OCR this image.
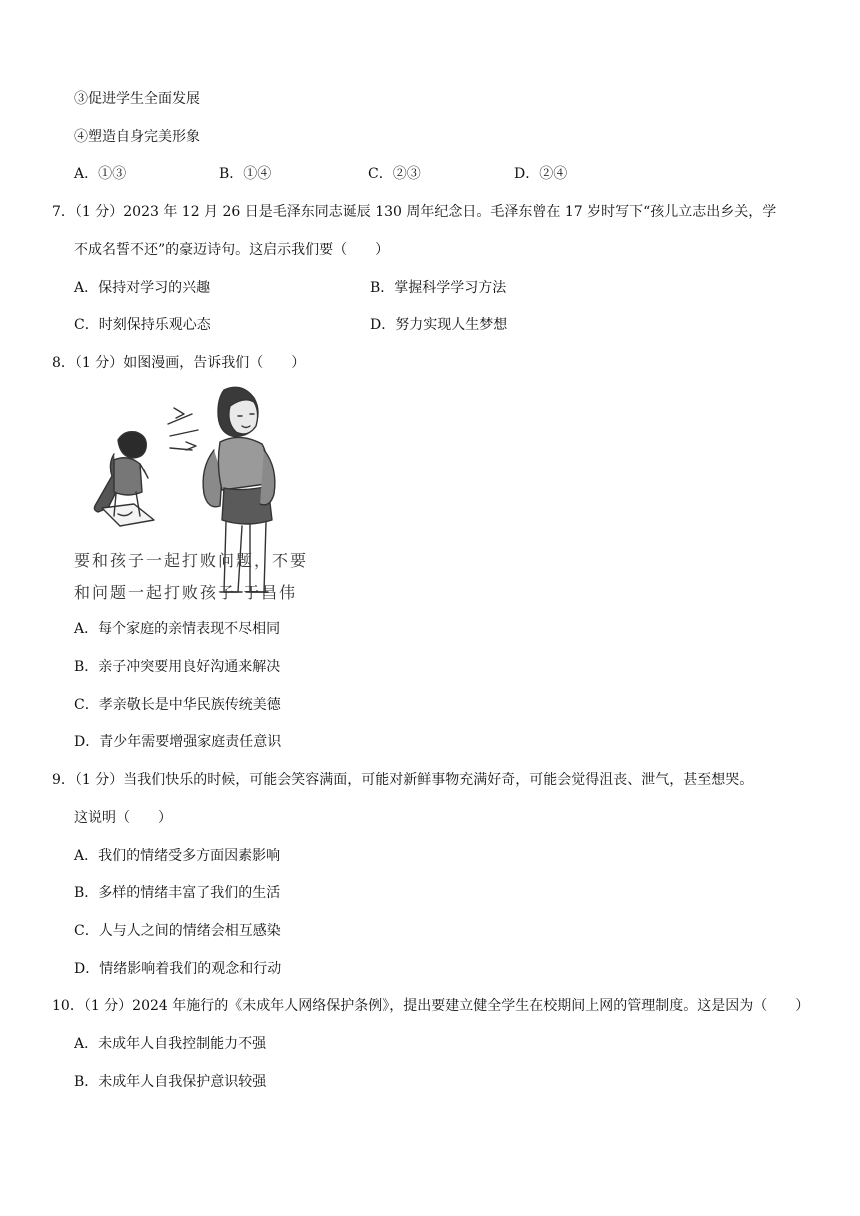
③促进学生全面发展
④塑造自身完美形象
A．①③	B．①④	C．②③	D．②④
7．（1 分）2023 年 12 月 26 日是毛泽东同志诞辰 130 周年纪念日。毛泽东曾在 17 岁时写下“孩儿立志出乡关，学
不成名誓不还”的豪迈诗句。这启示我们要（　　）
A．保持对学习的兴趣	B．掌握科学学习方法
C．时刻保持乐观心态	D．努力实现人生梦想
8．（1 分）如图漫画，告诉我们（　　）
要和孩子一起打败问题，不要
和问题一起打败孩子 于昌伟
A．每个家庭的亲情表现不尽相同
B．亲子冲突要用良好沟通来解决
C．孝亲敬长是中华民族传统美德
D．青少年需要增强家庭责任意识
9．（1 分）当我们快乐的时候，可能会笑容满面，可能对新鲜事物充满好奇，可能会觉得沮丧、泄气，甚至想哭。
这说明（　　）
A．我们的情绪受多方面因素影响
B．多样的情绪丰富了我们的生活
C．人与人之间的情绪会相互感染
D．情绪影响着我们的观念和行动
10．（1 分）2024 年施行的《未成年人网络保护条例》，提出要建立健全学生在校期间上网的管理制度。这是因为（　　）
A．未成年人自我控制能力不强
B．未成年人自我保护意识较强
